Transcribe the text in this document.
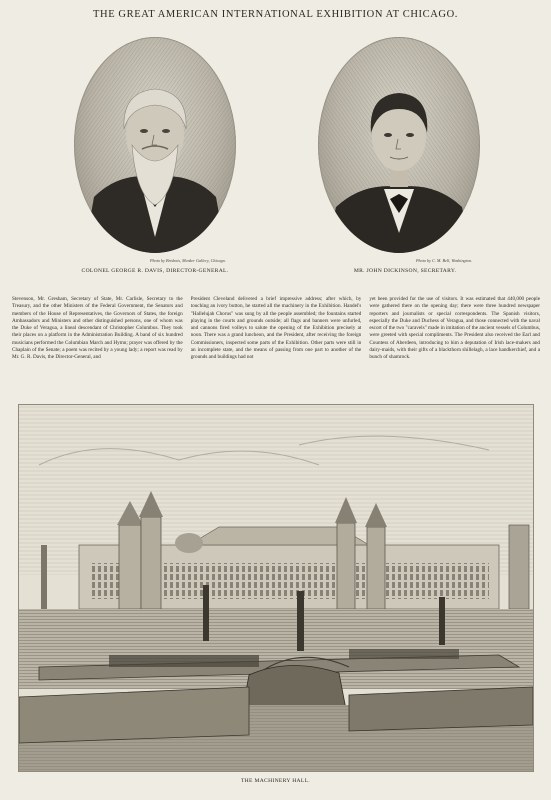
THE GREAT AMERICAN INTERNATIONAL EXHIBITION AT CHICAGO.
Photo by Brisbois, Menker Gallery, Chicago.
COLONEL GEORGE R. DAVIS, DIRECTOR-GENERAL.
Photo by C. M. Bell, Washington.
MR. JOHN DICKINSON, SECRETARY.
Stevenson, Mr. Gresham, Secretary of State, Mr. Carlisle, Secretary to the Treasury, and the other Ministers of the Federal Government, the Senators and members of the House of Representatives, the Governors of States, the foreign Ambassadors and Ministers and other distinguished persons, one of whom was the Duke of Veragua, a lineal descendant of Christopher Columbus. They took their places on a platform in the Administration Building. A band of six hundred musicians performed the Columbian March and Hymn; prayer was offered by the Chaplain of the Senate; a poem was recited by a young lady; a report was read by Mr. G. R. Davis, the Director-General, and
President Cleveland delivered a brief impressive address; after which, by touching an ivory button, he started all the machinery in the Exhibition. Handel's "Hallelujah Chorus" was sung by all the people assembled; the fountains started playing in the courts and grounds outside; all flags and banners were unfurled, and cannons fired volleys to salute the opening of the Exhibition precisely at noon. There was a grand luncheon, and the President, after receiving the foreign Commissioners, inspected some parts of the Exhibition. Other parts were still in an incomplete state, and the means of passing from one part to another of the grounds and buildings had not
yet been provided for the use of visitors. It was estimated that 440,000 people were gathered there on the opening day; there were three hundred newspaper reporters and journalists or special correspondents. The Spanish visitors, especially the Duke and Duchess of Veragua, and those connected with the naval escort of the two "caravels" made in imitation of the ancient vessels of Columbus, were greeted with special compliments. The President also received the Earl and Countess of Aberdeen, introducing to him a deputation of Irish lace-makers and dairy-maids, with their gifts of a blackthorn shillelagh, a lace handkerchief, and a bunch of shamrock.
THE MACHINERY HALL.
